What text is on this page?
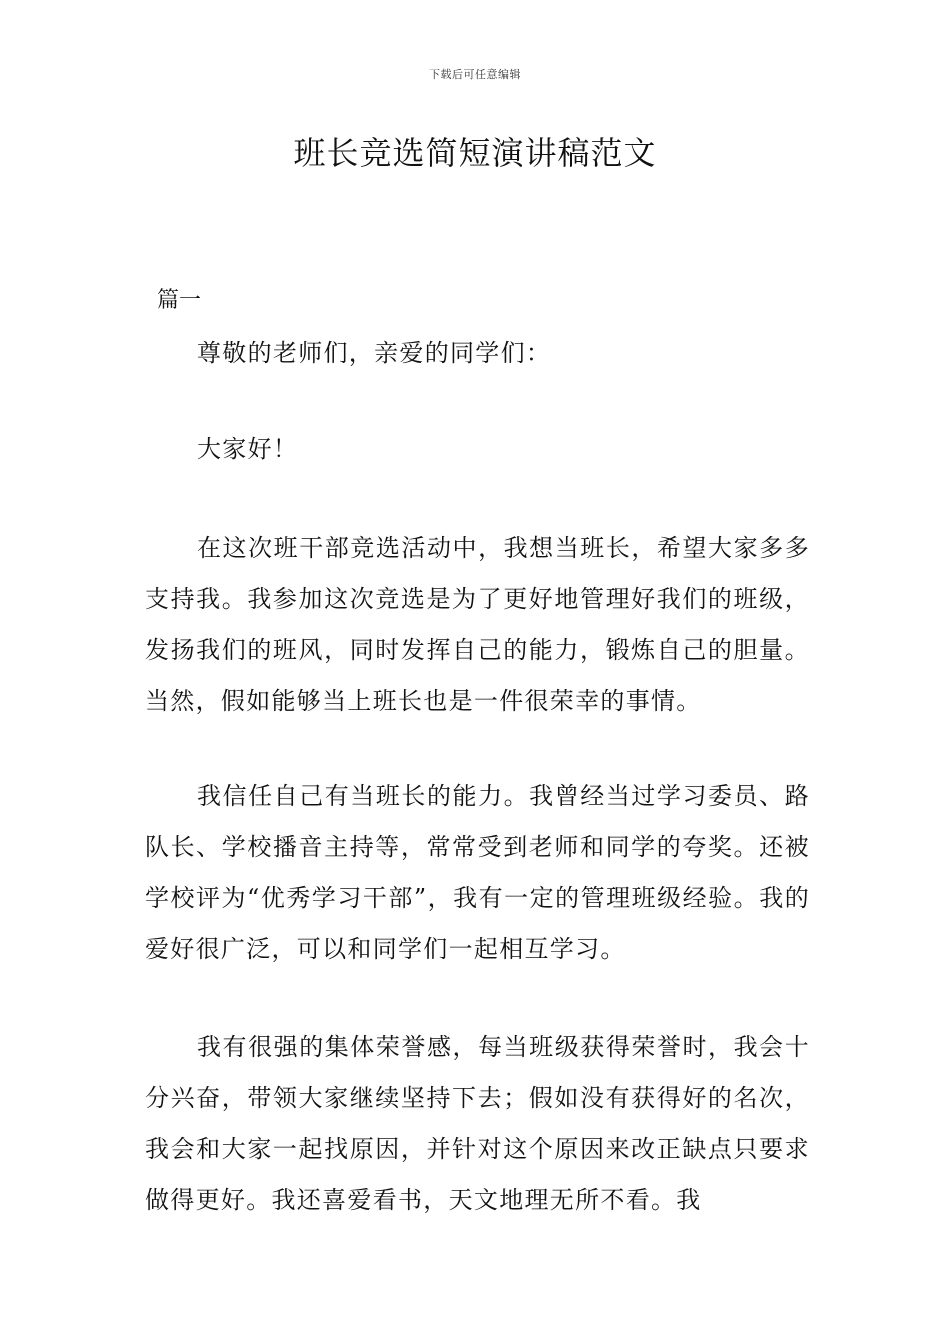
下载后可任意编辑
班长竞选简短演讲稿范文

篇一

尊敬的老师们，亲爱的同学们：

大家好！

在这次班干部竞选活动中，我想当班长，希望大家多多支持我。我参加这次竞选是为了更好地管理好我们的班级，发扬我们的班风，同时发挥自己的能力，锻炼自己的胆量。当然，假如能够当上班长也是一件很荣幸的事情。

我信任自己有当班长的能力。我曾经当过学习委员、路队长、学校播音主持等，常常受到老师和同学的夸奖。还被学校评为“优秀学习干部”，我有一定的管理班级经验。我的爱好很广泛，可以和同学们一起相互学习。

我有很强的集体荣誉感，每当班级获得荣誉时，我会十分兴奋，带领大家继续坚持下去；假如没有获得好的名次，我会和大家一起找原因，并针对这个原因来改正缺点只要求做得更好。我还喜爱看书，天文地理无所不看。我
